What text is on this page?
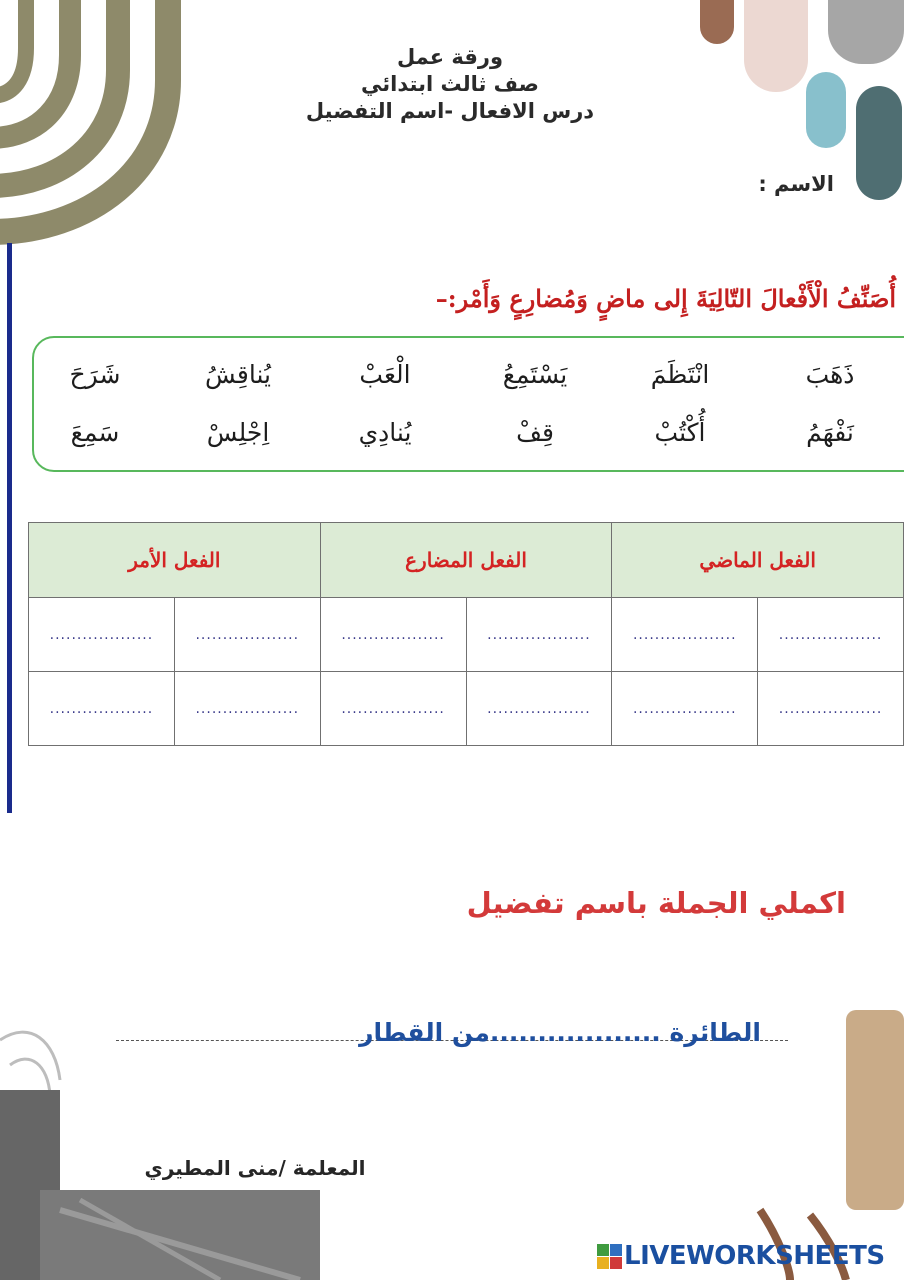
ورقة عمل
صف ثالث ابتدائي
درس الافعال -اسم التفضيل
الاسم :
أُصَنِّفُ الْأَفْعالَ التّالِيَةَ إِلى ماضٍ وَمُضارِعٍ وَأَمْر:–
ذَهَبَ
انْتَظَمَ
يَسْتَمِعُ
الْعَبْ
يُناقِشُ
شَرَحَ
نَفْهَمُ
أُكْتُبْ
قِفْ
يُنادِي
اِجْلِسْ
سَمِعَ
الفعل الماضي		الفعل المضارع		الفعل الأمر	
...................	...................	...................	...................	...................	...................
...................	...................	...................	...................	...................	...................
اكملي الجملة باسم تفضيل
الطائرة ..................من القطار
المعلمة /منى المطيري
LIVEWORKSHEETS
